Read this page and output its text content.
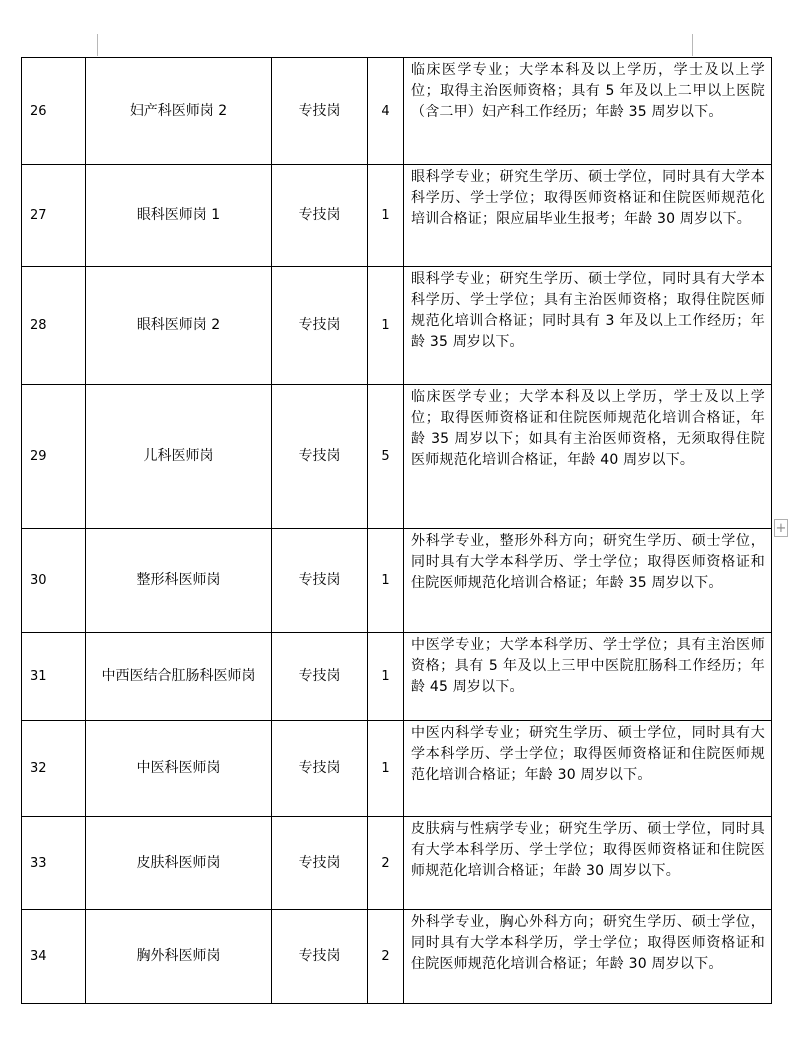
26	妇产科医师岗 2	专技岗	4	临床医学专业；大学本科及以上学历，学士及以上学位；取得主治医师资格；具有 5 年及以上二甲以上医院（含二甲）妇产科工作经历；年龄 35 周岁以下。
27	眼科医师岗 1	专技岗	1	眼科学专业；研究生学历、硕士学位，同时具有大学本科学历、学士学位；取得医师资格证和住院医师规范化培训合格证；限应届毕业生报考；年龄 30 周岁以下。
28	眼科医师岗 2	专技岗	1	眼科学专业；研究生学历、硕士学位，同时具有大学本科学历、学士学位；具有主治医师资格；取得住院医师规范化培训合格证；同时具有 3 年及以上工作经历；年龄 35 周岁以下。
29	儿科医师岗	专技岗	5	临床医学专业；大学本科及以上学历，学士及以上学位；取得医师资格证和住院医师规范化培训合格证，年龄 35 周岁以下；如具有主治医师资格，无须取得住院医师规范化培训合格证，年龄 40 周岁以下。
30	整形科医师岗	专技岗	1	外科学专业，整形外科方向；研究生学历、硕士学位，同时具有大学本科学历、学士学位；取得医师资格证和住院医师规范化培训合格证；年龄 35 周岁以下。
31	中西医结合肛肠科医师岗	专技岗	1	中医学专业；大学本科学历、学士学位；具有主治医师资格；具有 5 年及以上三甲中医院肛肠科工作经历；年龄 45 周岁以下。
32	中医科医师岗	专技岗	1	中医内科学专业；研究生学历、硕士学位，同时具有大学本科学历、学士学位；取得医师资格证和住院医师规范化培训合格证；年龄 30 周岁以下。
33	皮肤科医师岗	专技岗	2	皮肤病与性病学专业；研究生学历、硕士学位，同时具有大学本科学历、学士学位；取得医师资格证和住院医师规范化培训合格证；年龄 30 周岁以下。
34	胸外科医师岗	专技岗	2	外科学专业，胸心外科方向；研究生学历、硕士学位，同时具有大学本科学历，学士学位；取得医师资格证和住院医师规范化培训合格证；年龄 30 周岁以下。
+
